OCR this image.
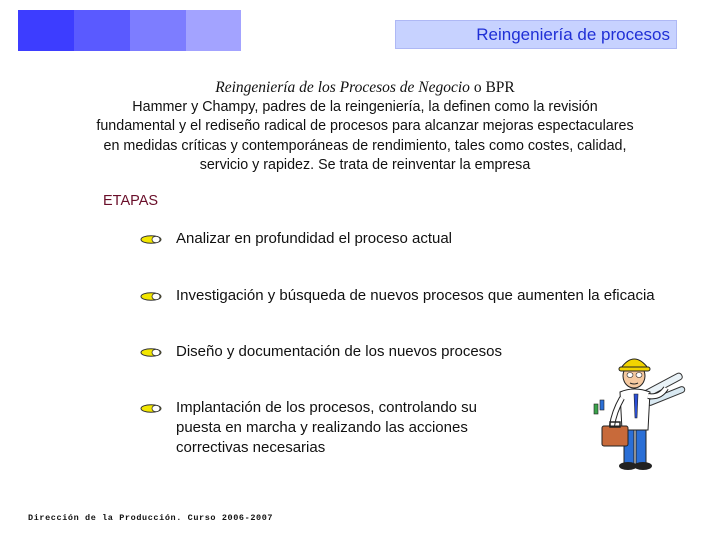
Reingeniería de procesos
Reingeniería de los Procesos de Negocio o BPR
Hammer y Champy, padres de la reingeniería, la definen como la revisión fundamental y el rediseño radical de procesos para alcanzar mejoras espectaculares en medidas críticas y contemporáneas de rendimiento, tales como costes, calidad, servicio y rapidez. Se trata de reinventar la empresa
ETAPAS
Analizar en profundidad el proceso actual
Investigación y búsqueda de nuevos procesos que aumenten la eficacia
Diseño y documentación de los nuevos procesos
Implantación de los procesos, controlando su puesta en marcha y realizando las acciones correctivas necesarias
Dirección de la Producción. Curso 2006-2007
